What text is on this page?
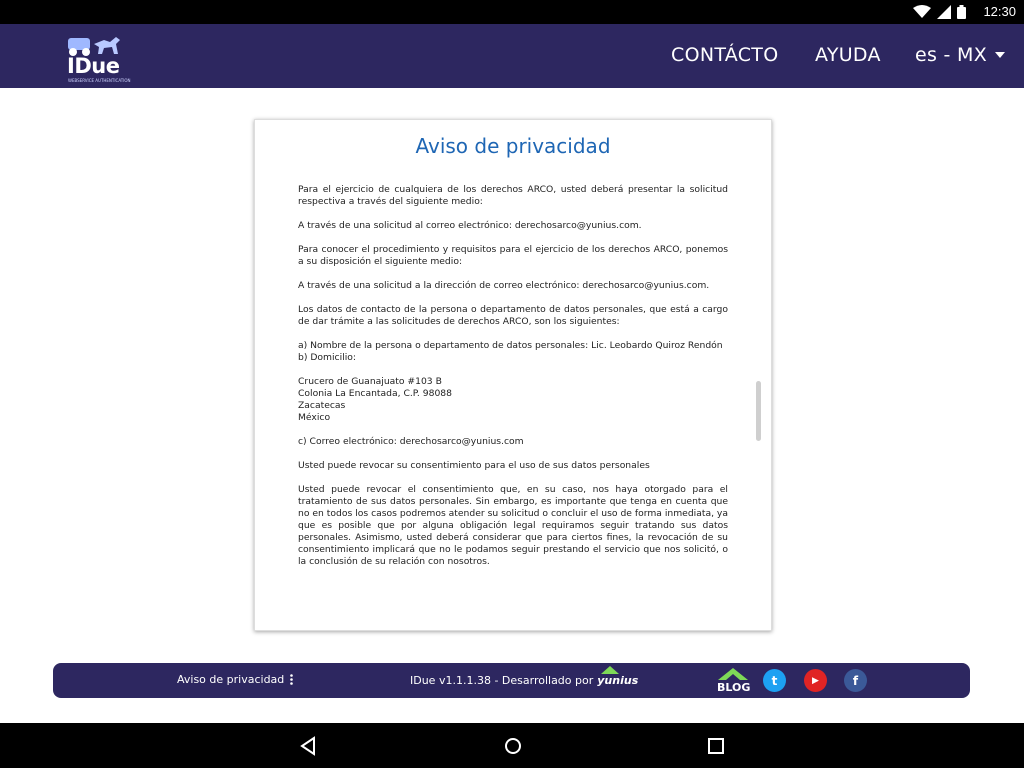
12:30
IDue
WEBSERVICE AUTHENTICATION
CONTÁCTO AYUDA es - MX
Aviso de privacidad

Para el ejercicio de cualquiera de los derechos ARCO, usted deberá presentar la solicitud respectiva a través del siguiente medio:

A través de una solicitud al correo electrónico: derechosarco@yunius.com.

Para conocer el procedimiento y requisitos para el ejercicio de los derechos ARCO, ponemos a su disposición el siguiente medio:

A través de una solicitud a la dirección de correo electrónico: derechosarco@yunius.com.

Los datos de contacto de la persona o departamento de datos personales, que está a cargo de dar trámite a las solicitudes de derechos ARCO, son los siguientes:

a) Nombre de la persona o departamento de datos personales: Lic. Leobardo Quiroz Rendón
b) Domicilio:

Crucero de Guanajuato #103 B
Colonia La Encantada, C.P. 98088
Zacatecas
México

c) Correo electrónico: derechosarco@yunius.com

Usted puede revocar su consentimiento para el uso de sus datos personales

Usted puede revocar el consentimiento que, en su caso, nos haya otorgado para el tratamiento de sus datos personales. Sin embargo, es importante que tenga en cuenta que no en todos los casos podremos atender su solicitud o concluir el uso de forma inmediata, ya que es posible que por alguna obligación legal requiramos seguir tratando sus datos personales. Asimismo, usted deberá considerar que para ciertos fines, la revocación de su consentimiento implicará que no le podamos seguir prestando el servicio que nos solicitó, o la conclusión de su relación con nosotros.

Aviso de privacidad	IDue v1.1.1.38 - Desarrollado por yunius
BLOG t	▶	f
